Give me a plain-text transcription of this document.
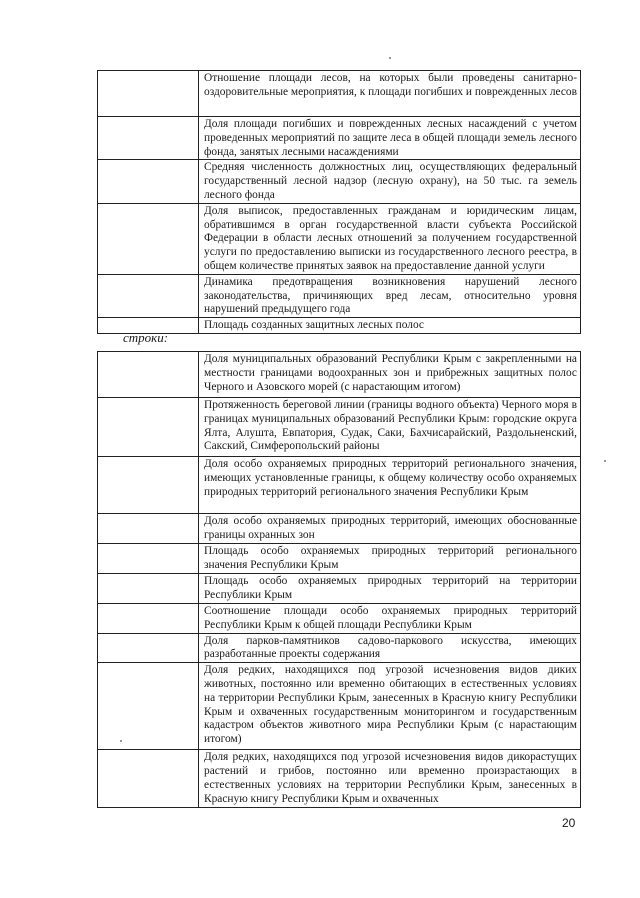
	Отношение площади лесов, на которых были проведены санитарно-оздоровительные мероприятия, к площади погибших и поврежденных лесов
	Доля площади погибших и поврежденных лесных насаждений с учетом проведенных мероприятий по защите леса в общей площади земель лесного фонда, занятых лесными насаждениями
	Средняя численность должностных лиц, осуществляющих федеральный государственный лесной надзор (лесную охрану), на 50 тыс. га земель лесного фонда
	Доля выписок, предоставленных гражданам и юридическим лицам, обратившимся в орган государственной власти субъекта Российской Федерации в области лесных отношений за получением государственной услуги по предоставлению выписки из государственного лесного реестра, в общем количестве принятых заявок на предоставление данной услуги
	Динамика предотвращения возникновения нарушений лесного законодательства, причиняющих вред лесам, относительно уровня нарушений предыдущего года
	Площадь созданных защитных лесных полос
строки:
	Доля муниципальных образований Республики Крым с закрепленными на местности границами водоохранных зон и прибрежных защитных полос Черного и Азовского морей (с нарастающим итогом)
	Протяженность береговой линии (границы водного объекта) Черного моря в границах муниципальных образований Республики Крым: городские округа Ялта, Алушта, Евпатория, Судак, Саки, Бахчисарайский, Раздольненский, Сакский, Симферопольский районы
	Доля особо охраняемых природных территорий регионального значения, имеющих установленные границы, к общему количеству особо охраняемых природных территорий регионального значения Республики Крым
	Доля особо охраняемых природных территорий, имеющих обоснованные границы охранных зон
	Площадь особо охраняемых природных территорий регионального значения Республики Крым
	Площадь особо охраняемых природных территорий на территории Республики Крым
	Соотношение площади особо охраняемых природных территорий Республики Крым к общей площади Республики Крым
	Доля парков-памятников садово-паркового искусства, имеющих разработанные проекты содержания
	Доля редких, находящихся под угрозой исчезновения видов диких животных, постоянно или временно обитающих в естественных условиях на территории Республики Крым, занесенных в Красную книгу Республики Крым и охваченных государственным мониторингом и государственным кадастром объектов животного мира Республики Крым (с нарастающим итогом)
	Доля редких, находящихся под угрозой исчезновения видов дикорастущих растений и грибов, постоянно или временно произрастающих в естественных условиях на территории Республики Крым, занесенных в Красную книгу Республики Крым и охваченных
20
